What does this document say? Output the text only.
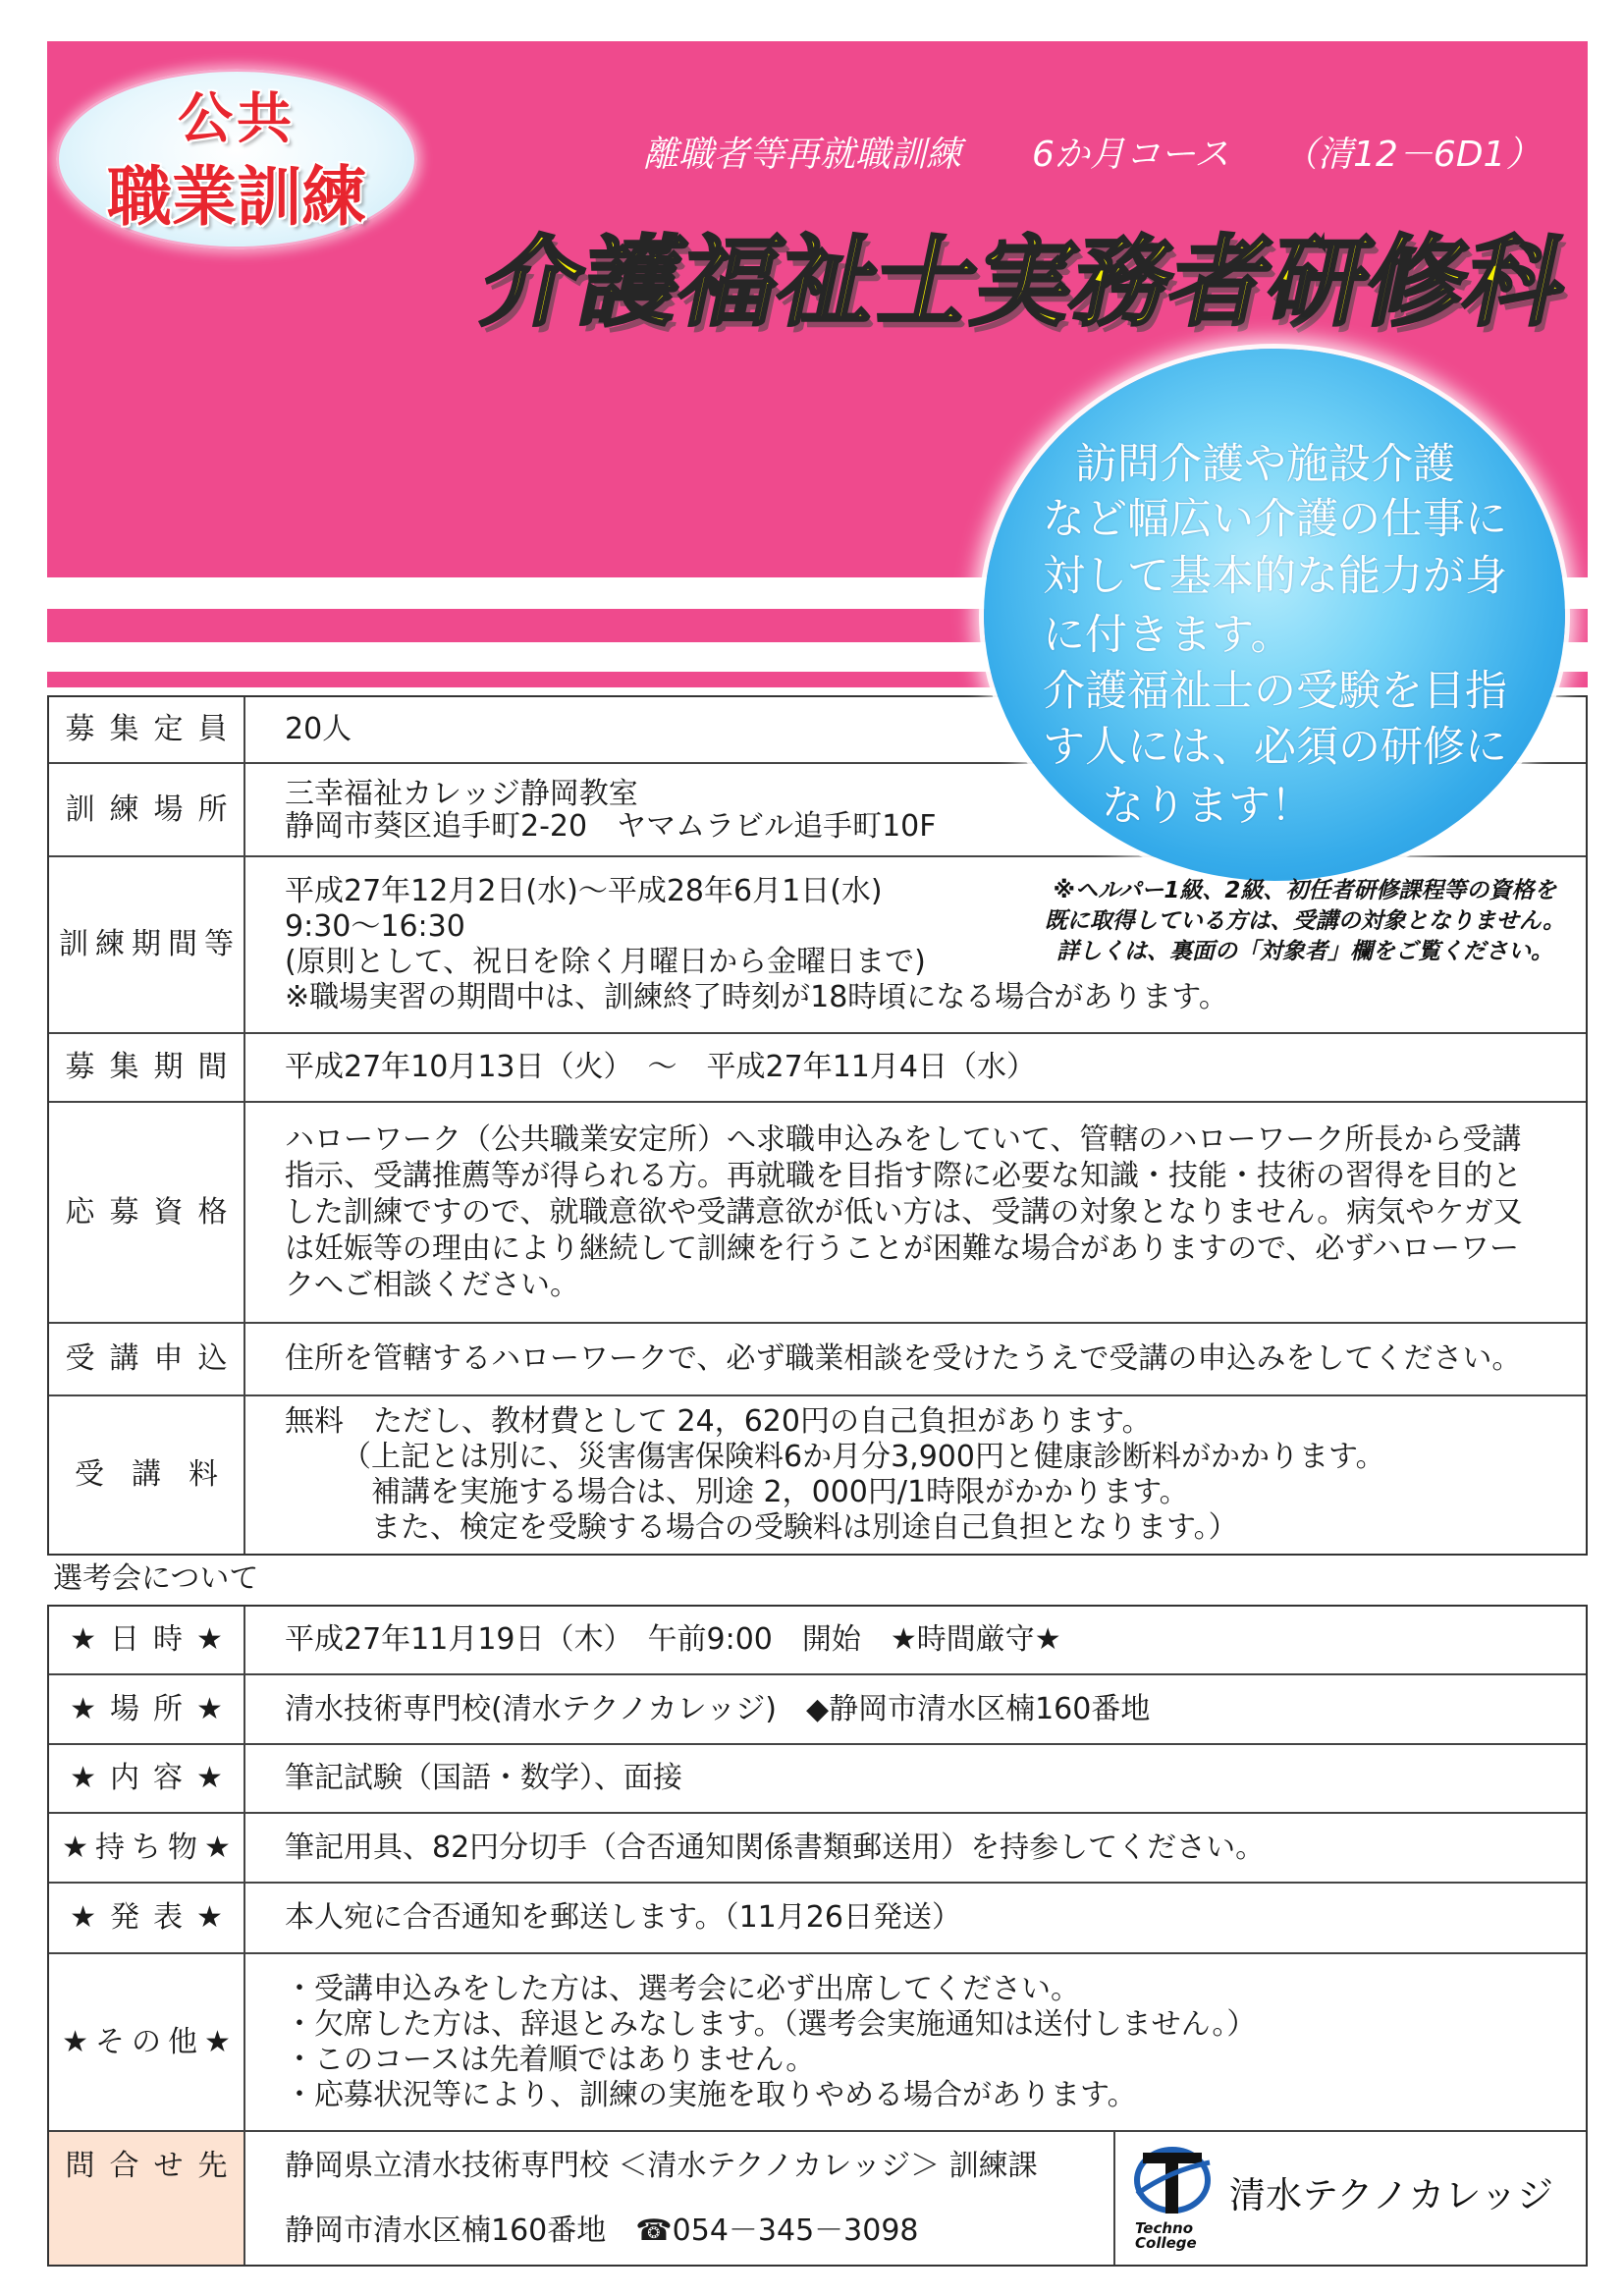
公共
職業訓練
離職者等再就職訓練　　6か月コース　　（清12－6D1）
介護福祉士実務者研修科
募集定員 20人
訓練場所 三幸福祉カレッジ静岡教室
静岡市葵区追手町2-20　ヤマムラビル追手町10F
訓練期間等
平成27年12月2日(水)～平成28年6月1日(水)
9:30～16:30
(原則として、祝日を除く月曜日から金曜日まで)
※職場実習の期間中は、訓練終了時刻が18時頃になる場合があります。
※ヘルパー1級、2級、初任者研修課程等の資格を
既に取得している方は、受講の対象となりません。
詳しくは、裏面の「対象者」欄をご覧ください。
募集期間 平成27年10月13日（火）　～　平成27年11月4日（水）
応募資格
ハローワーク（公共職業安定所）へ求職申込みをしていて、管轄のハローワーク所長から受講
指示、受講推薦等が得られる方。再就職を目指す際に必要な知識・技能・技術の習得を目的と
した訓練ですので、就職意欲や受講意欲が低い方は、受講の対象となりません。病気やケガ又
は妊娠等の理由により継続して訓練を行うことが困難な場合がありますので、必ずハローワー
クへご相談ください。
受講申込 住所を管轄するハローワークで、必ず職業相談を受けたうえで受講の申込みをしてください。
受講料
無料　ただし、教材費として 24，620円の自己負担があります。
（上記とは別に、災害傷害保険料6か月分3,900円と健康診断料がかかります。
補講を実施する場合は、別途 2，000円/1時限がかかります。
また、検定を受験する場合の受験料は別途自己負担となります。）
選考会について
★日時★ 平成27年11月19日（木）　午前9:00　開始　★時間厳守★
★場所★ 清水技術専門校(清水テクノカレッジ)　◆静岡市清水区楠160番地
★内容★ 筆記試験（国語・数学）、面接
★持ち物★ 筆記用具、82円分切手（合否通知関係書類郵送用）を持参してください。
★発表★ 本人宛に合否通知を郵送します。（11月26日発送）
★その他★
・受講申込みをした方は、選考会に必ず出席してください。
・欠席した方は、辞退とみなします。（選考会実施通知は送付しません。）
・このコースは先着順ではありません。
・応募状況等により、訓練の実施を取りやめる場合があります。
問合せ先 静岡県立清水技術専門校 ＜清水テクノカレッジ＞ 訓練課
静岡市清水区楠160番地　 ☎054－345－3098	Techno
College
清水テクノカレッジ
訪問介護や施設介護
など幅広い介護の仕事に
対して基本的な能力が身
に付きます。
介護福祉士の受験を目指
す人には、必須の研修に
なります！
